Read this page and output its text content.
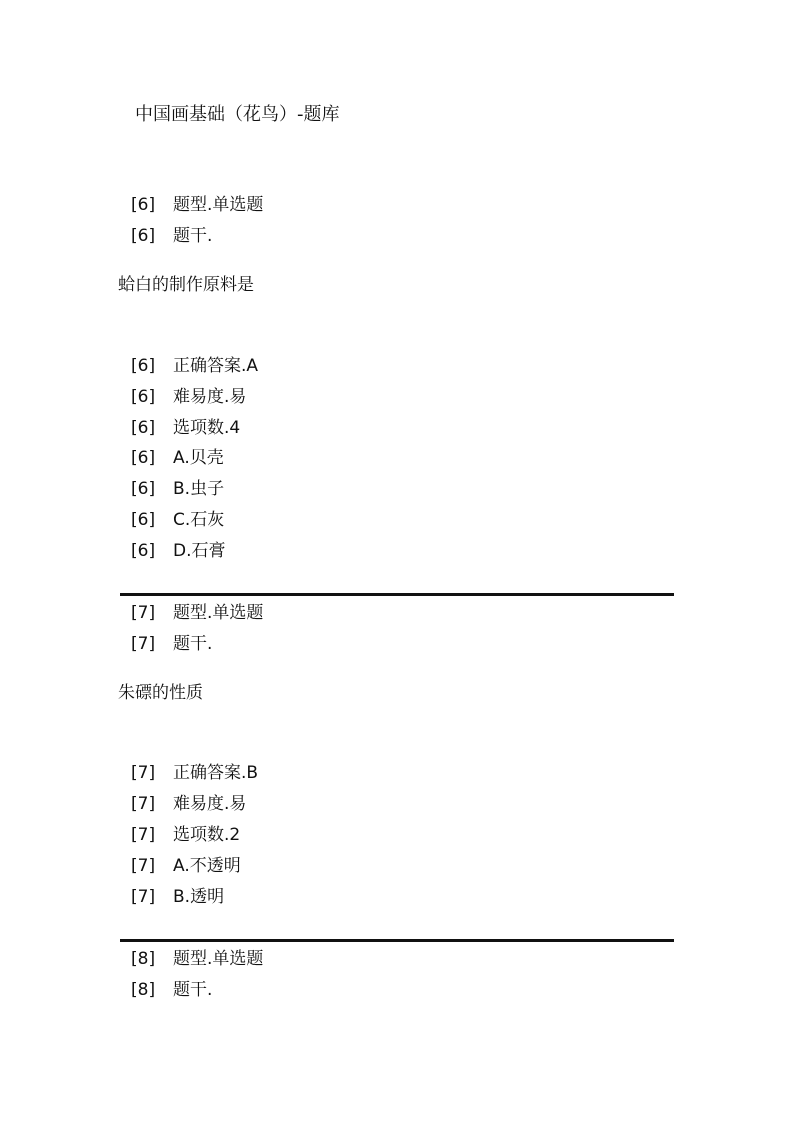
中国画基础（花鸟）-题库
[6] 题型.单选题
[6] 题干.
蛤白的制作原料是
[6] 正确答案.A
[6] 难易度.易
[6] 选项数.4
[6] A.贝壳
[6] B.虫子
[6] C.石灰
[6] D.石膏
[7] 题型.单选题
[7] 题干.
朱磦的性质
[7] 正确答案.B
[7] 难易度.易
[7] 选项数.2
[7] A.不透明
[7] B.透明
[8] 题型.单选题
[8] 题干.
